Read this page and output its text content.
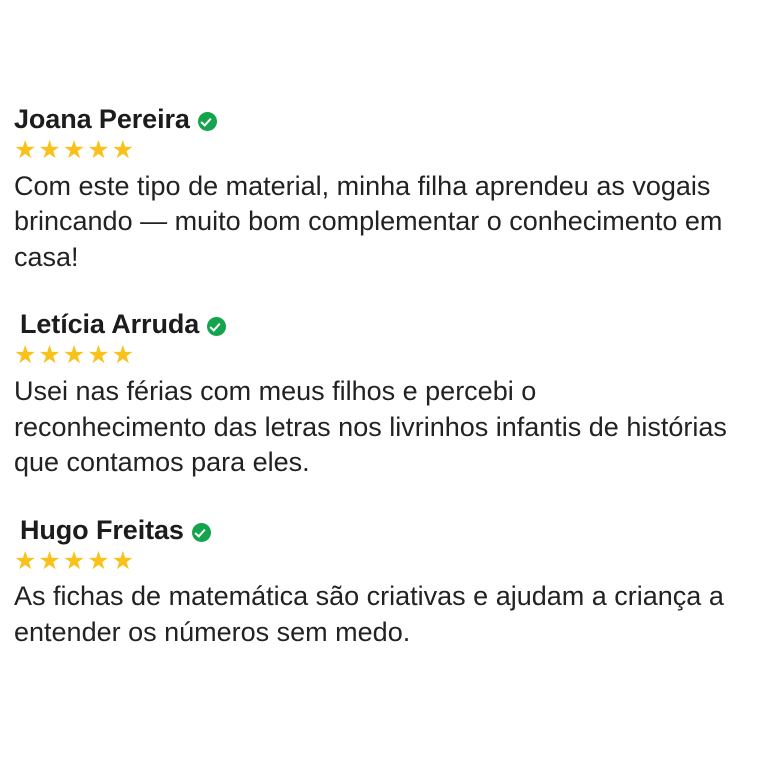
Joana Pereira
★★★★★
Com este tipo de material, minha filha aprendeu as vogais brincando — muito bom complementar o conhecimento em casa!
Letícia Arruda
★★★★★
Usei nas férias com meus filhos e percebi o reconhecimento das letras nos livrinhos infantis de histórias que contamos para eles.
Hugo Freitas
★★★★★
As fichas de matemática são criativas e ajudam a criança a entender os números sem medo.
